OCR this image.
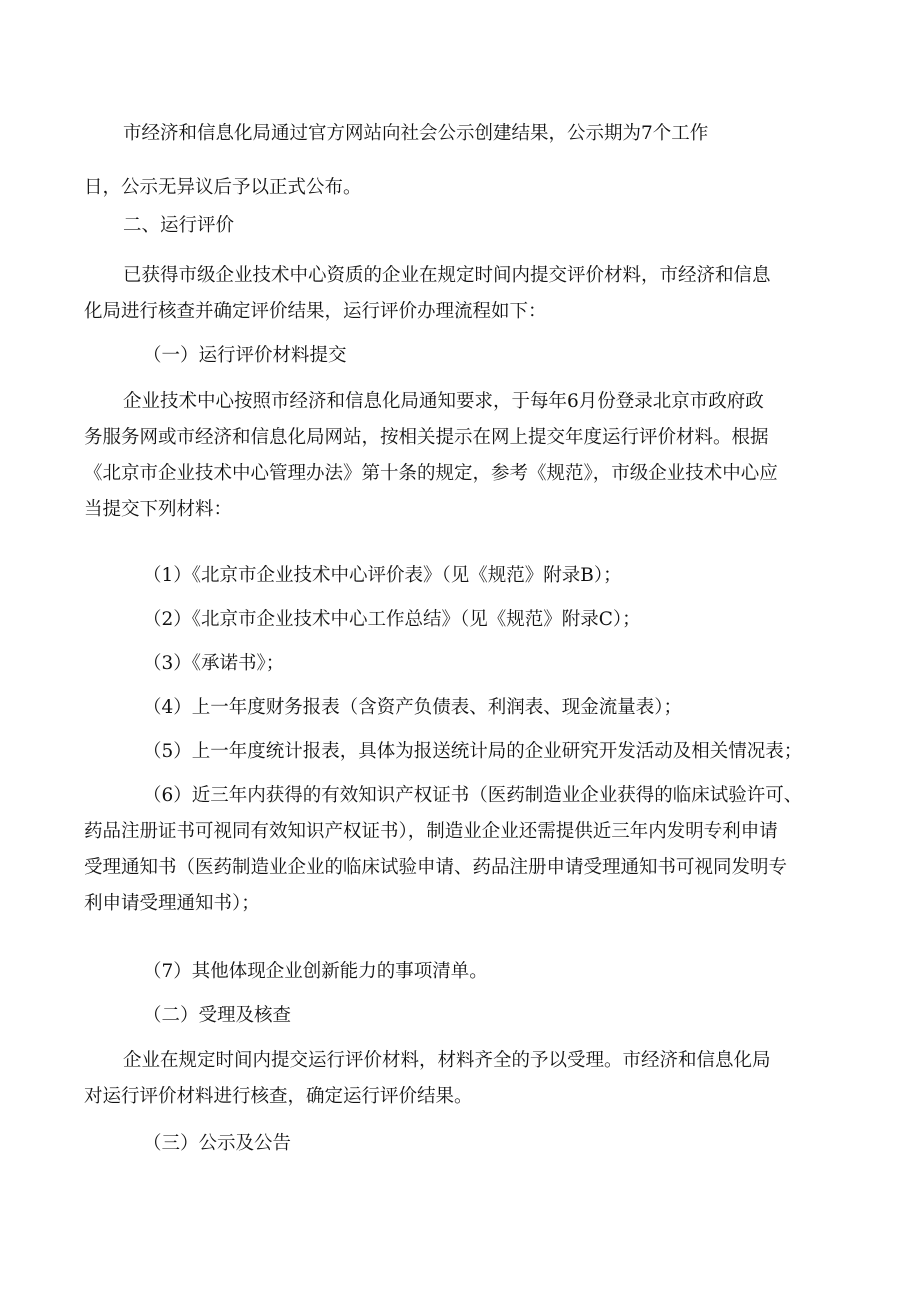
市经济和信息化局通过官方网站向社会公示创建结果，公示期为7个工作

日，公示无异议后予以正式公布。

二、运行评价

已获得市级企业技术中心资质的企业在规定时间内提交评价材料，市经济和信息
化局进行核查并确定评价结果，运行评价办理流程如下：

（一）运行评价材料提交

企业技术中心按照市经济和信息化局通知要求，于每年6月份登录北京市政府政
务服务网或市经济和信息化局网站，按相关提示在网上提交年度运行评价材料。根据
《北京市企业技术中心管理办法》第十条的规定，参考《规范》，市级企业技术中心应
当提交下列材料：

（1）《北京市企业技术中心评价表》（见《规范》附录B）；

（2）《北京市企业技术中心工作总结》（见《规范》附录C）；

（3）《承诺书》；

（4）上一年度财务报表（含资产负债表、利润表、现金流量表）；

（5）上一年度统计报表，具体为报送统计局的企业研究开发活动及相关情况表；

（6）近三年内获得的有效知识产权证书（医药制造业企业获得的临床试验许可、
药品注册证书可视同有效知识产权证书），制造业企业还需提供近三年内发明专利申请
受理通知书（医药制造业企业的临床试验申请、药品注册申请受理通知书可视同发明专
利申请受理通知书）；

（7）其他体现企业创新能力的事项清单。

（二）受理及核查

企业在规定时间内提交运行评价材料，材料齐全的予以受理。市经济和信息化局
对运行评价材料进行核查，确定运行评价结果。

（三）公示及公告
